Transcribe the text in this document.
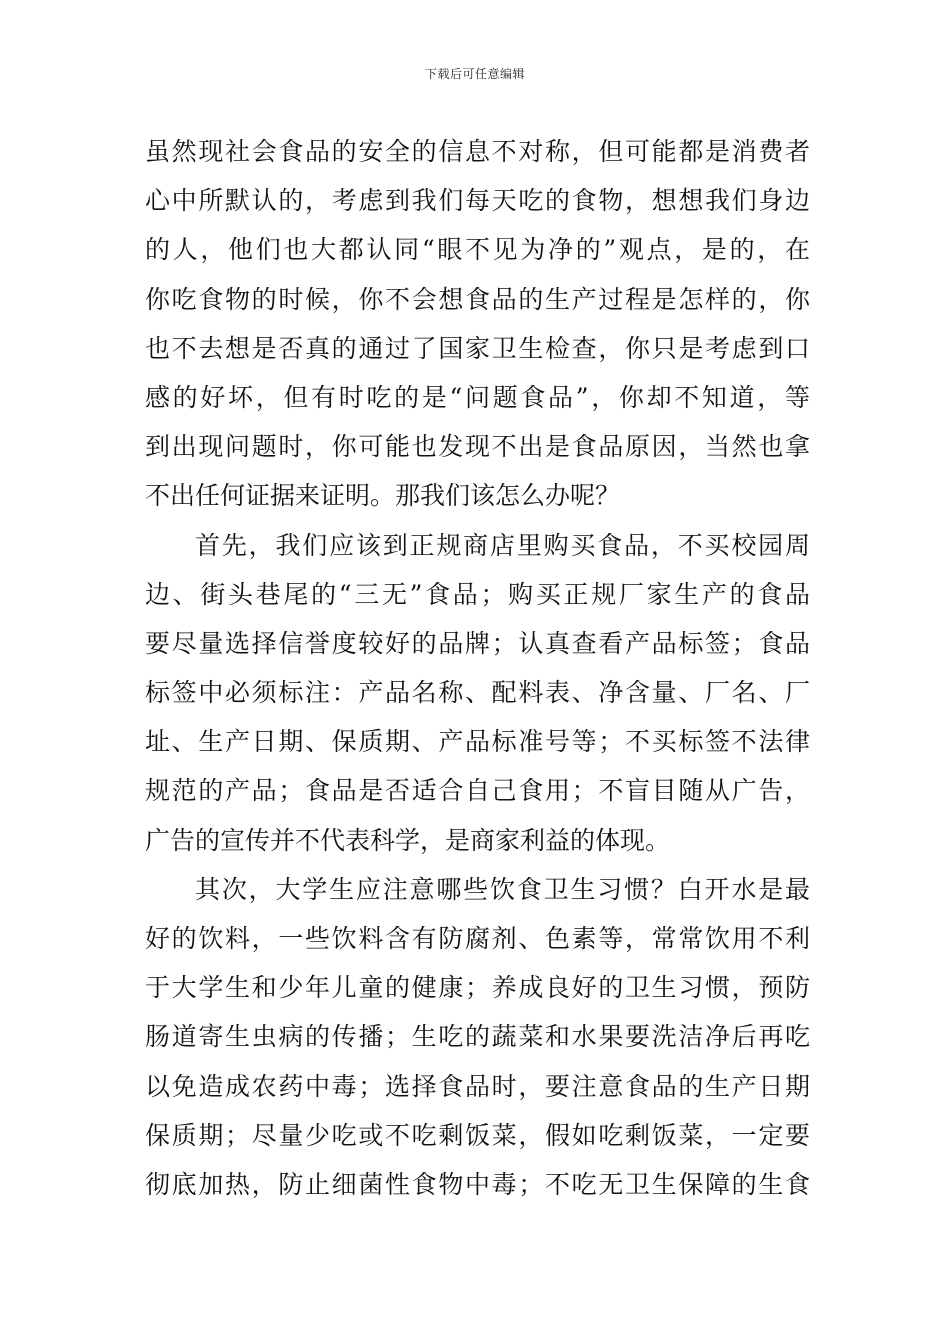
下载后可任意编辑
虽然现社会食品的安全的信息不对称，但可能都是消费者
心中所默认的，考虑到我们每天吃的食物，想想我们身边
的人，他们也大都认同“眼不见为净的”观点，是的，在
你吃食物的时候，你不会想食品的生产过程是怎样的，你
也不去想是否真的通过了国家卫生检查，你只是考虑到口
感的好坏，但有时吃的是“问题食品”，你却不知道，等
到出现问题时，你可能也发现不出是食品原因，当然也拿
不出任何证据来证明。那我们该怎么办呢？
首先，我们应该到正规商店里购买食品，不买校园周
边、街头巷尾的“三无”食品；购买正规厂家生产的食品
要尽量选择信誉度较好的品牌；认真查看产品标签；食品
标签中必须标注：产品名称、配料表、净含量、厂名、厂
址、生产日期、保质期、产品标准号等；不买标签不法律
规范的产品；食品是否适合自己食用；不盲目随从广告，
广告的宣传并不代表科学，是商家利益的体现。
其次，大学生应注意哪些饮食卫生习惯？白开水是最
好的饮料，一些饮料含有防腐剂、色素等，常常饮用不利
于大学生和少年儿童的健康；养成良好的卫生习惯，预防
肠道寄生虫病的传播；生吃的蔬菜和水果要洗洁净后再吃
以免造成农药中毒；选择食品时，要注意食品的生产日期
保质期；尽量少吃或不吃剩饭菜，假如吃剩饭菜，一定要
彻底加热，防止细菌性食物中毒；不吃无卫生保障的生食
